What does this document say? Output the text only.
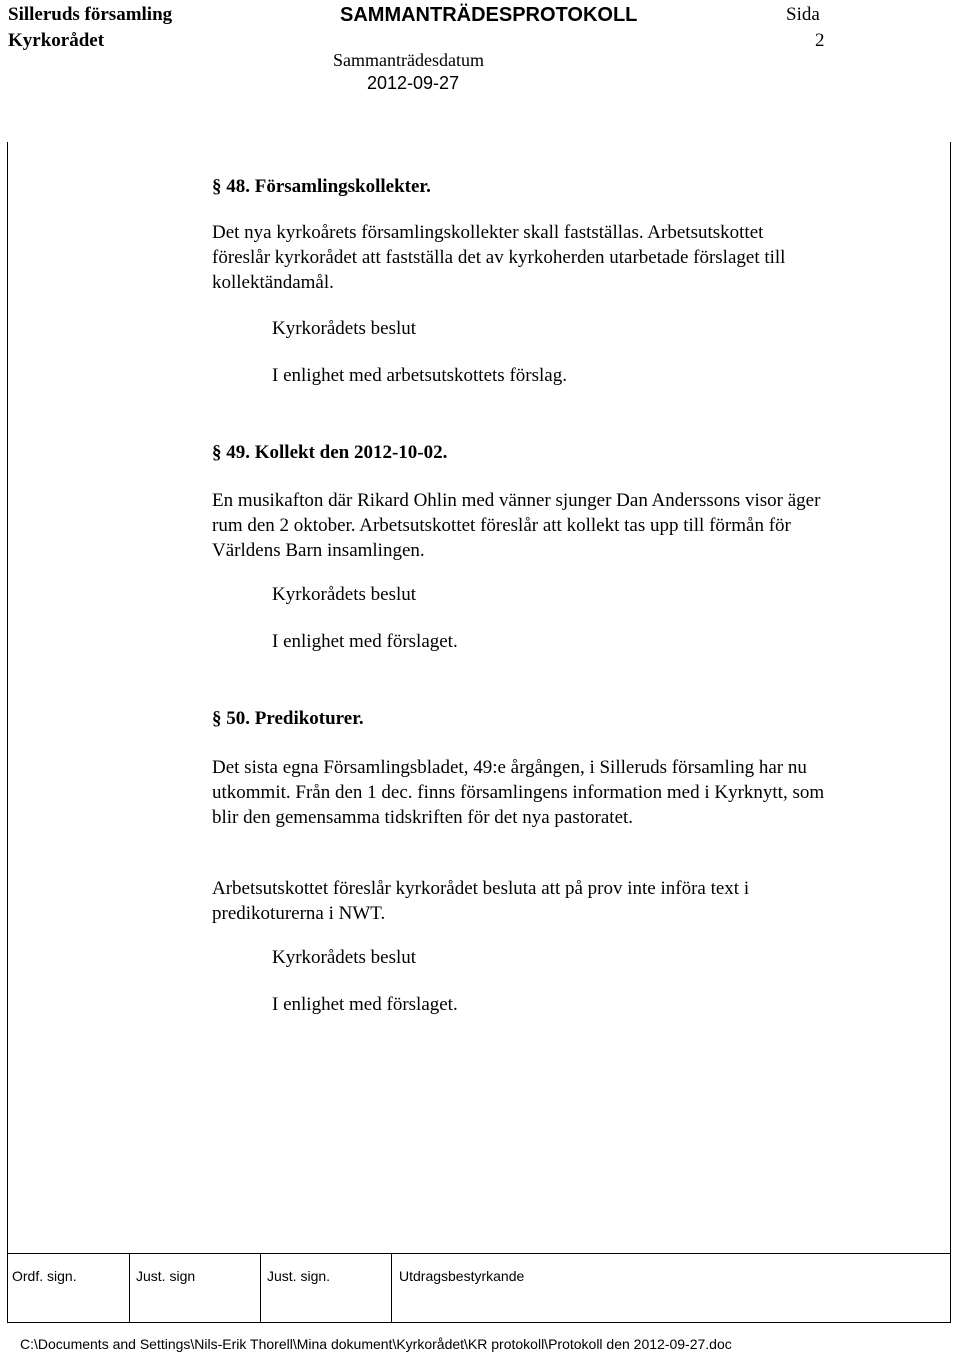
Silleruds församling
Kyrkorådet
SAMMANTRÄDESPROTOKOLL
Sammanträdesdatum
2012-09-27
Sida
2
§ 48. Församlingskollekter.
Det nya kyrkoårets församlingskollekter skall fastställas. Arbetsutskottet föreslår kyrkorådet att fastställa det av kyrkoherden utarbetade förslaget till kollektändamål.
Kyrkorådets beslut
I enlighet med arbetsutskottets förslag.
§ 49. Kollekt den 2012-10-02.
En musikafton där Rikard Ohlin med vänner sjunger Dan Anderssons visor äger rum den 2 oktober. Arbetsutskottet föreslår att kollekt tas upp till förmån för Världens Barn insamlingen.
Kyrkorådets beslut
I enlighet med förslaget.
§ 50. Predikoturer.
Det sista egna Församlingsbladet, 49:e årgången, i Silleruds församling har nu utkommit. Från den 1 dec. finns församlingens information med i Kyrknytt, som blir den gemensamma tidskriften för det nya pastoratet.
Arbetsutskottet föreslår kyrkorådet besluta att på prov inte införa text i predikoturerna i NWT.
Kyrkorådets beslut
I enlighet med förslaget.
Ordf. sign.	Just. sign	Just. sign.	Utdragsbestyrkande
C:\Documents and Settings\Nils-Erik Thorell\Mina dokument\Kyrkorådet\KR protokoll\Protokoll den 2012-09-27.doc
